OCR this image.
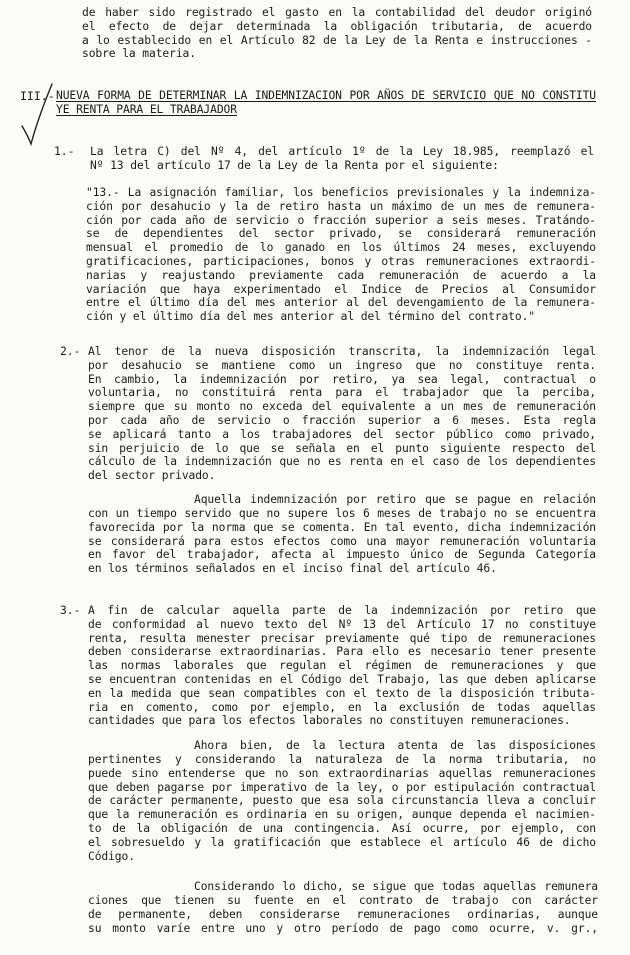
de haber sido registrado el gasto en la contabilidad del deudor originó
el efecto de dejar determinada la obligación tributaria, de acuerdo
a lo establecido en el Artículo 82 de la Ley de la Renta e instrucciones -
sobre la materia.
III.- NUEVA FORMA DE DETERMINAR LA INDEMNIZACION POR AÑOS DE SERVICIO QUE NO CONSTITU
YE RENTA PARA EL TRABAJADOR
1.- La letra C) del Nº 4, del artículo 1º de la Ley 18.985, reemplazó el
Nº 13 del artículo 17 de la Ley de la Renta por el siguiente:
"13.- La asignación familiar, los beneficios previsionales y la indemniza-
ción por desahucio y la de retiro hasta un máximo de un mes de remunera-
ción por cada año de servicio o fracción superior a seis meses. Tratándo-
se de dependientes del sector privado, se considerará remuneración
mensual el promedio de lo ganado en los últimos 24 meses, excluyendo
gratificaciones, participaciones, bonos y otras remuneraciones extraordi-
narias y reajustando previamente cada remuneración de acuerdo a la
variación que haya experimentado el Indice de Precios al Consumidor
entre el último día del mes anterior al del devengamiento de la remunera-
ción y el último día del mes anterior al del término del contrato."
2.- Al tenor de la nueva disposición transcrita, la indemnización legal
por desahucio se mantiene como un ingreso que no constituye renta.
En cambio, la indemnización por retiro, ya sea legal, contractual o
voluntaria, no constituirá renta para el trabajador que la perciba,
siempre que su monto no exceda del equivalente a un mes de remuneración
por cada año de servicio o fracción superior a 6 meses. Esta regla
se aplicará tanto a los trabajadores del sector público como privado,
sin perjuicio de lo que se señala en el punto siguiente respecto del
cálculo de la indemnización que no es renta en el caso de los dependientes
del sector privado.
Aquella indemnización por retiro que se pague en relación
con un tiempo servido que no supere los 6 meses de trabajo no se encuentra
favorecida por la norma que se comenta. En tal evento, dicha indemnización
se considerará para estos efectos como una mayor remuneración voluntaria
en favor del trabajador, afecta al impuesto único de Segunda Categoría
en los términos señalados en el inciso final del artículo 46.
3.- A fin de calcular aquella parte de la indemnización por retiro que
de conformidad al nuevo texto del Nº 13 del Artículo 17 no constituye
renta, resulta menester precisar previamente qué tipo de remuneraciones
deben considerarse extraordinarias. Para ello es necesario tener presente
las normas laborales que regulan el régimen de remuneraciones y que
se encuentran contenidas en el Código del Trabajo, las que deben aplicarse
en la medida que sean compatibles con el texto de la disposición tributa-
ria en comento, como por ejemplo, en la exclusión de todas aquellas
cantidades que para los efectos laborales no constituyen remuneraciones.
Ahora bien, de la lectura atenta de las disposiciones
pertinentes y considerando la naturaleza de la norma tributaria, no
puede sino entenderse que no son extraordinarias aquellas remuneraciones
que deben pagarse por imperativo de la ley, o por estipulación contractual
de carácter permanente, puesto que esa sola circunstancia lleva a concluir
que la remuneración es ordinaria en su origen, aunque dependa el nacimien-
to de la obligación de una contingencia. Así ocurre, por ejemplo, con
el sobresueldo y la gratificación que establece el artículo 46 de dicho
Código.
Considerando lo dicho, se sigue que todas aquellas remunera
ciones que tienen su fuente en el contrato de trabajo con carácter
de permanente, deben considerarse remuneraciones ordinarias, aunque
su monto varíe entre uno y otro período de pago como ocurre, v. gr.,
